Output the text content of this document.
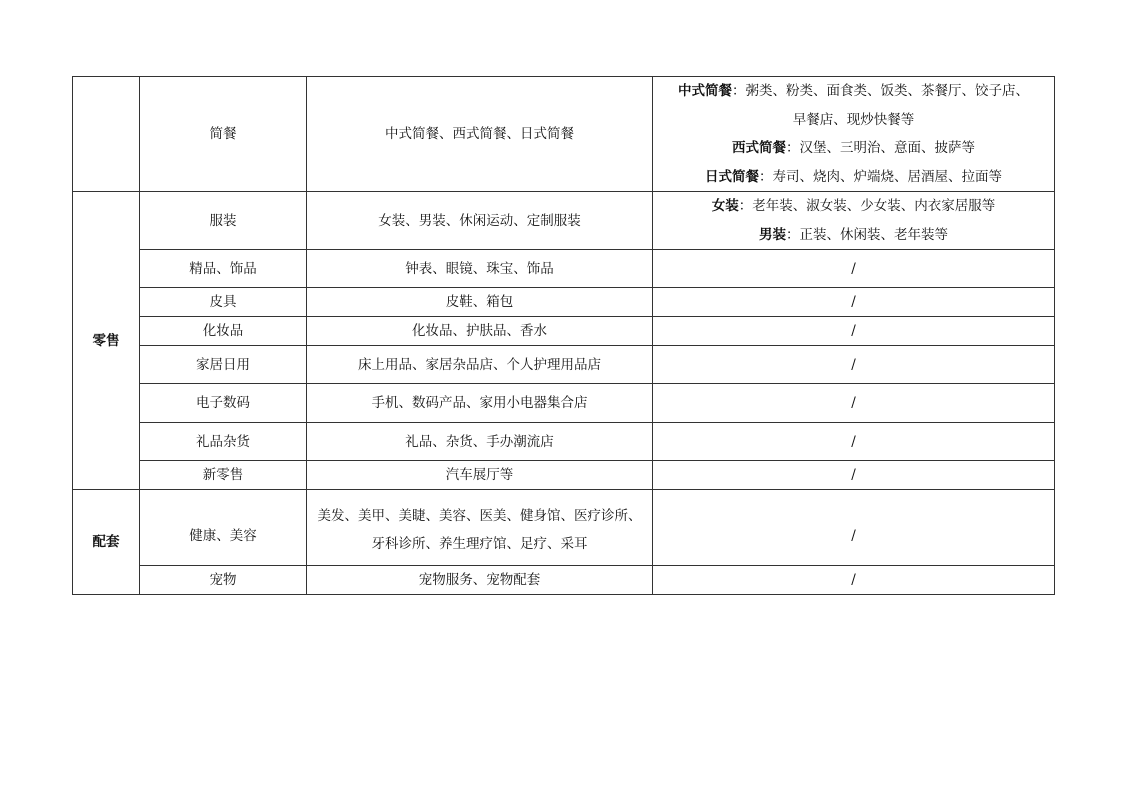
	简餐	中式简餐、西式简餐、日式简餐	中式简餐：粥类、粉类、面食类、饭类、茶餐厅、饺子店、
早餐店、现炒快餐等
西式简餐：汉堡、三明治、意面、披萨等
日式简餐：寿司、烧肉、炉端烧、居酒屋、拉面等

零售	服装	女装、男装、休闲运动、定制服装	女装：老年装、淑女装、少女装、内衣家居服等
男装：正装、休闲装、老年装等

	精品、饰品	钟表、眼镜、珠宝、饰品	/
	皮具	皮鞋、箱包	/
	化妆品	化妆品、护肤品、香水	/
	家居日用	床上用品、家居杂品店、个人护理用品店	/
	电子数码	手机、数码产品、家用小电器集合店	/
	礼品杂货	礼品、杂货、手办潮流店	/
	新零售	汽车展厅等	/
配套	健康、美容	美发、美甲、美睫、美容、医美、健身馆、医疗诊所、
牙科诊所、养生理疗馆、足疗、采耳	/
	宠物	宠物服务、宠物配套	/
